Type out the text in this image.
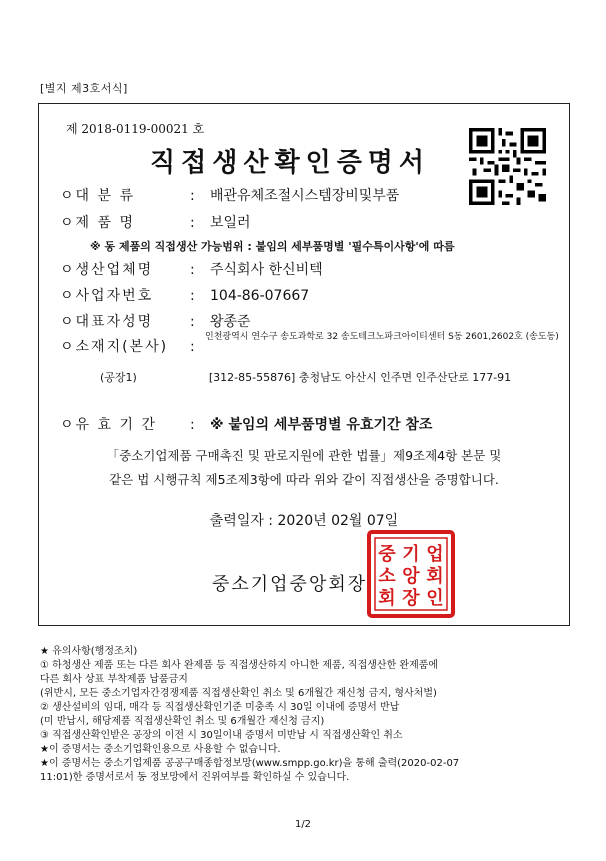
[별지 제3호서식]
제 2018-0119-00021 호
직접생산확인증명서
ㅇ대 분 류	: 배관유체조절시스템장비및부품
ㅇ제 품 명	: 보일러
※ 동 제품의 직접생산 가능범위 : 붙임의 세부품명별 '필수특이사항'에 따름
ㅇ생산업체명	: 주식회사 한신비텍
ㅇ사업자번호	: 104-86-07667
ㅇ대표자성명	: 왕종준
ㅇ소재지(본사) :
인천광역시 연수구 송도과학로 32 송도테크노파크아이티센터 S동 2601,2602호 (송도동)
(공장1)	[312-85-55876] 충청남도 아산시 인주면 인주산단로 177-91
ㅇ유 효 기 간 : ※ 붙임의 세부품명별 유효기간 참조
「중소기업제품 구매촉진 및 판로지원에 관한 법률」제9조제4항 본문 및
같은 법 시행규칙 제5조제3항에 따라 위와 같이 직접생산을 증명합니다.
출력일자 : 2020년 02월 07일
중 기 업
소 앙 회
회 장 인
중소기업중앙회장
★ 유의사항(행정조치)
① 하청생산 제품 또는 다른 회사 완제품 등 직접생산하지 아니한 제품, 직접생산한 완제품에
다른 회사 상표 부착제품 납품금지
(위반시, 모든 중소기업자간경쟁제품 직접생산확인 취소 및 6개월간 재신청 금지, 형사처벌)
② 생산설비의 임대, 매각 등 직접생산확인기준 미충족 시 30일 이내에 증명서 반납
(미 반납시, 해당제품 직접생산확인 취소 및 6개월간 재신청 금지)
③ 직접생산확인받은 공장의 이전 시 30일이내 증명서 미반납 시 직접생산확인 취소
★이 증명서는 중소기업확인용으로 사용할 수 없습니다.
★이 증명서는 중소기업제품 공공구매종합정보망(www.smpp.go.kr)을 통해 출력(2020-02-07
11:01)한 증명서로서 동 정보망에서 진위여부를 확인하실 수 있습니다.
1/2
